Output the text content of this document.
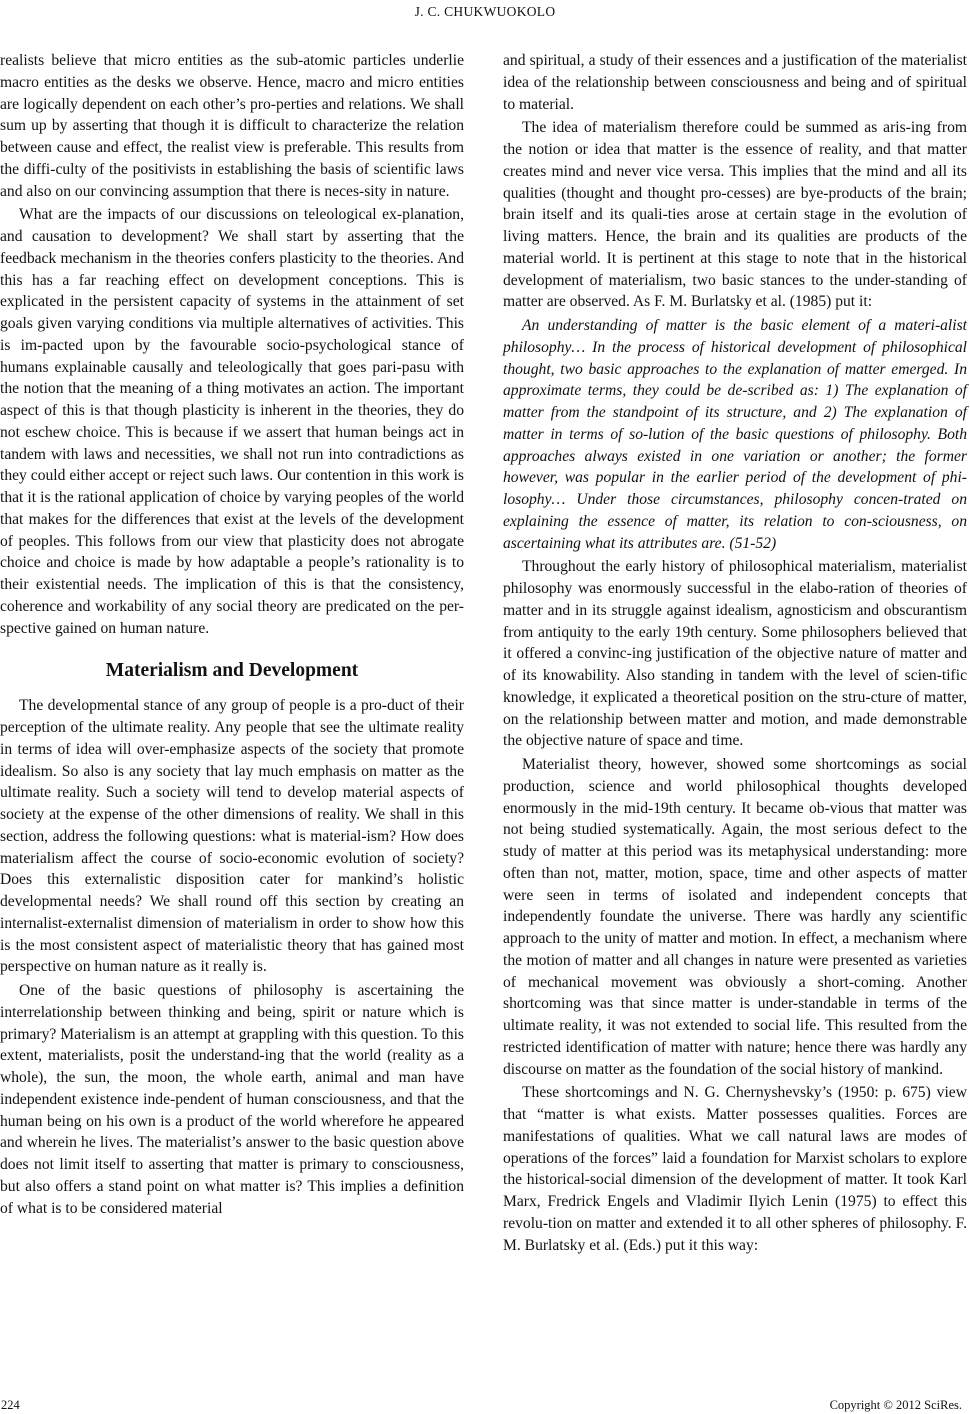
J. C. CHUKWUOKOLO

realists believe that micro entities as the sub-atomic particles underlie macro entities as the desks we observe. Hence, macro and micro entities are logically dependent on each other’s pro-perties and relations. We shall sum up by asserting that though it is difficult to characterize the relation between cause and effect, the realist view is preferable. This results from the diffi-culty of the positivists in establishing the basis of scientific laws and also on our convincing assumption that there is neces-sity in nature.

What are the impacts of our discussions on teleological ex-planation, and causation to development? We shall start by asserting that the feedback mechanism in the theories confers plasticity to the theories. And this has a far reaching effect on development conceptions. This is explicated in the persistent capacity of systems in the attainment of set goals given varying conditions via multiple alternatives of activities. This is im-pacted upon by the favourable socio-psychological stance of humans explainable causally and teleologically that goes pari-pasu with the notion that the meaning of a thing motivates an action. The important aspect of this is that though plasticity is inherent in the theories, they do not eschew choice. This is because if we assert that human beings act in tandem with laws and necessities, we shall not run into contradictions as they could either accept or reject such laws. Our contention in this work is that it is the rational application of choice by varying peoples of the world that makes for the differences that exist at the levels of the development of peoples. This follows from our view that plasticity does not abrogate choice and choice is made by how adaptable a people’s rationality is to their existential needs. The implication of this is that the consistency, coherence and workability of any social theory are predicated on the per-spective gained on human nature.

Materialism and Development

The developmental stance of any group of people is a pro-duct of their perception of the ultimate reality. Any people that see the ultimate reality in terms of idea will over-emphasize aspects of the society that promote idealism. So also is any society that lay much emphasis on matter as the ultimate reality. Such a society will tend to develop material aspects of society at the expense of the other dimensions of reality. We shall in this section, address the following questions: what is material-ism? How does materialism affect the course of socio-economic evolution of society? Does this externalistic disposition cater for mankind’s holistic developmental needs? We shall round off this section by creating an internalist-externalist dimension of materialism in order to show how this is the most consistent aspect of materialistic theory that has gained most perspective on human nature as it really is.

One of the basic questions of philosophy is ascertaining the interrelationship between thinking and being, spirit or nature which is primary? Materialism is an attempt at grappling with this question. To this extent, materialists, posit the understand-ing that the world (reality as a whole), the sun, the moon, the whole earth, animal and man have independent existence inde-pendent of human consciousness, and that the human being on his own is a product of the world wherefore he appeared and wherein he lives. The materialist’s answer to the basic question above does not limit itself to asserting that matter is primary to consciousness, but also offers a stand point on what matter is? This implies a definition of what is to be considered material

and spiritual, a study of their essences and a justification of the materialist idea of the relationship between consciousness and being and of spiritual to material.

The idea of materialism therefore could be summed as aris-ing from the notion or idea that matter is the essence of reality, and that matter creates mind and never vice versa. This implies that the mind and all its qualities (thought and thought pro-cesses) are bye-products of the brain; brain itself and its quali-ties arose at certain stage in the evolution of living matters. Hence, the brain and its qualities are products of the material world. It is pertinent at this stage to note that in the historical development of materialism, two basic stances to the under-standing of matter are observed. As F. M. Burlatsky et al. (1985) put it:

An understanding of matter is the basic element of a materi-alist philosophy… In the process of historical development of philosophical thought, two basic approaches to the explanation of matter emerged. In approximate terms, they could be de-scribed as: 1) The explanation of matter from the standpoint of its structure, and 2) The explanation of matter in terms of so-lution of the basic questions of philosophy. Both approaches always existed in one variation or another; the former however, was popular in the earlier period of the development of phi-losophy… Under those circumstances, philosophy concen-trated on explaining the essence of matter, its relation to con-sciousness, on ascertaining what its attributes are. (51-52)

Throughout the early history of philosophical materialism, materialist philosophy was enormously successful in the elabo-ration of theories of matter and in its struggle against idealism, agnosticism and obscurantism from antiquity to the early 19th century. Some philosophers believed that it offered a convinc-ing justification of the objective nature of matter and of its knowability. Also standing in tandem with the level of scien-tific knowledge, it explicated a theoretical position on the stru-cture of matter, on the relationship between matter and motion, and made demonstrable the objective nature of space and time.

Materialist theory, however, showed some shortcomings as social production, science and world philosophical thoughts developed enormously in the mid-19th century. It became ob-vious that matter was not being studied systematically. Again, the most serious defect to the study of matter at this period was its metaphysical understanding: more often than not, matter, motion, space, time and other aspects of matter were seen in terms of isolated and independent concepts that independently foundate the universe. There was hardly any scientific approach to the unity of matter and motion. In effect, a mechanism where the motion of matter and all changes in nature were presented as varieties of mechanical movement was obviously a short-coming. Another shortcoming was that since matter is under-standable in terms of the ultimate reality, it was not extended to social life. This resulted from the restricted identification of matter with nature; hence there was hardly any discourse on matter as the foundation of the social history of mankind.

These shortcomings and N. G. Chernyshevsky’s (1950: p. 675) view that “matter is what exists. Matter possesses qualities. Forces are manifestations of qualities. What we call natural laws are modes of operations of the forces” laid a foundation for Marxist scholars to explore the historical-social dimension of the development of matter. It took Karl Marx, Fredrick Engels and Vladimir Ilyich Lenin (1975) to effect this revolu-tion on matter and extended it to all other spheres of philosophy. F. M. Burlatsky et al. (Eds.) put it this way:

224	Copyright © 2012 SciRes.
